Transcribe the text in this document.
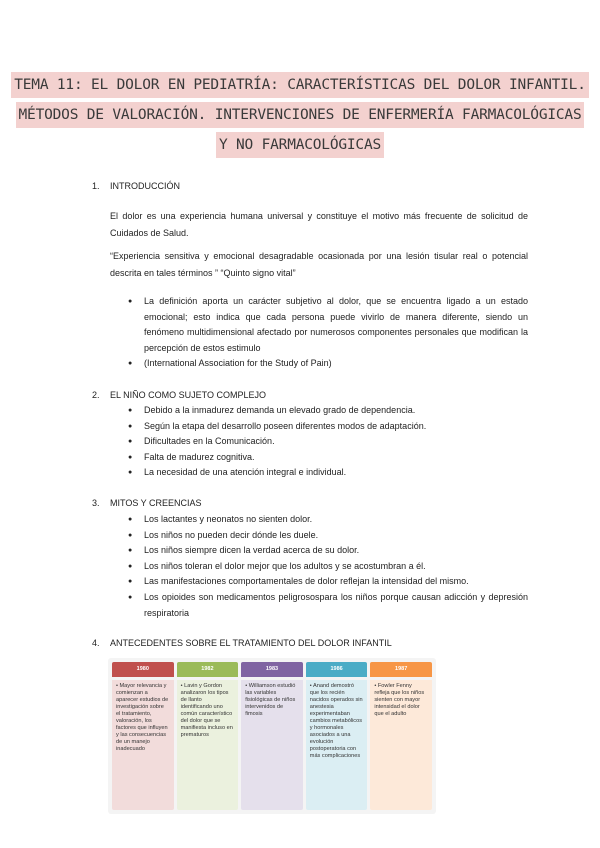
TEMA 11: EL DOLOR EN PEDIATRÍA: CARACTERÍSTICAS DEL DOLOR INFANTIL.
MÉTODOS DE VALORACIÓN. INTERVENCIONES DE ENFERMERÍA FARMACOLÓGICAS
Y NO FARMACOLÓGICAS
1. INTRODUCCIÓN
El dolor es una experiencia humana universal y constituye el motivo más frecuente de solicitud de Cuidados de Salud.
“Experiencia sensitiva y emocional desagradable ocasionada por una lesión tisular real o potencial descrita en tales términos ” “Quinto signo vital”
● La definición aporta un carácter subjetivo al dolor, que se encuentra ligado a un estado emocional; esto indica que cada persona puede vivirlo de manera diferente, siendo un fenómeno multidimensional afectado por numerosos componentes personales que modifican la percepción de estos estimulo
● (International Association for the Study of Pain)
2. EL NIÑO COMO SUJETO COMPLEJO
● Debido a la inmadurez demanda un elevado grado de dependencia.
● Según la etapa del desarrollo poseen diferentes modos de adaptación.
● Dificultades en la Comunicación.
● Falta de madurez cognitiva.
● La necesidad de una atención integral e individual.
3. MITOS Y CREENCIAS
● Los lactantes y neonatos no sienten dolor.
● Los niños no pueden decir dónde les duele.
● Los niños siempre dicen la verdad acerca de su dolor.
● Los niños toleran el dolor mejor que los adultos y se acostumbran a él.
● Las manifestaciones comportamentales de dolor reflejan la intensidad del mismo.
● Los opioides son medicamentos peligrosospara los niños porque causan adicción y depresión respiratoria
4. ANTECEDENTES SOBRE EL TRATAMIENTO DEL DOLOR INFANTIL
1980
• Mayor relevancia y comienzan a aparecer estudios de investigación sobre el tratamiento, valoración, los factores que influyen y las consecuencias de un manejo inadecuado
1982
• Lavin y Gordon analizaron los tipos de llanto identificando uno común característico del dolor que se manifiesta incluso en prematuros
1983
• Williamson estudió las variables fisiológicas de niños intervenidos de fimosis
1986
• Anand demostró que los recién nacidos operados sin anestesia experimentaban cambios metabólicos y hormonales asociados a una evolución postoperatoria con más complicaciones
1987
• Fowler Fenny refleja que los niños sienten con mayor intensidad el dolor que el adulto
